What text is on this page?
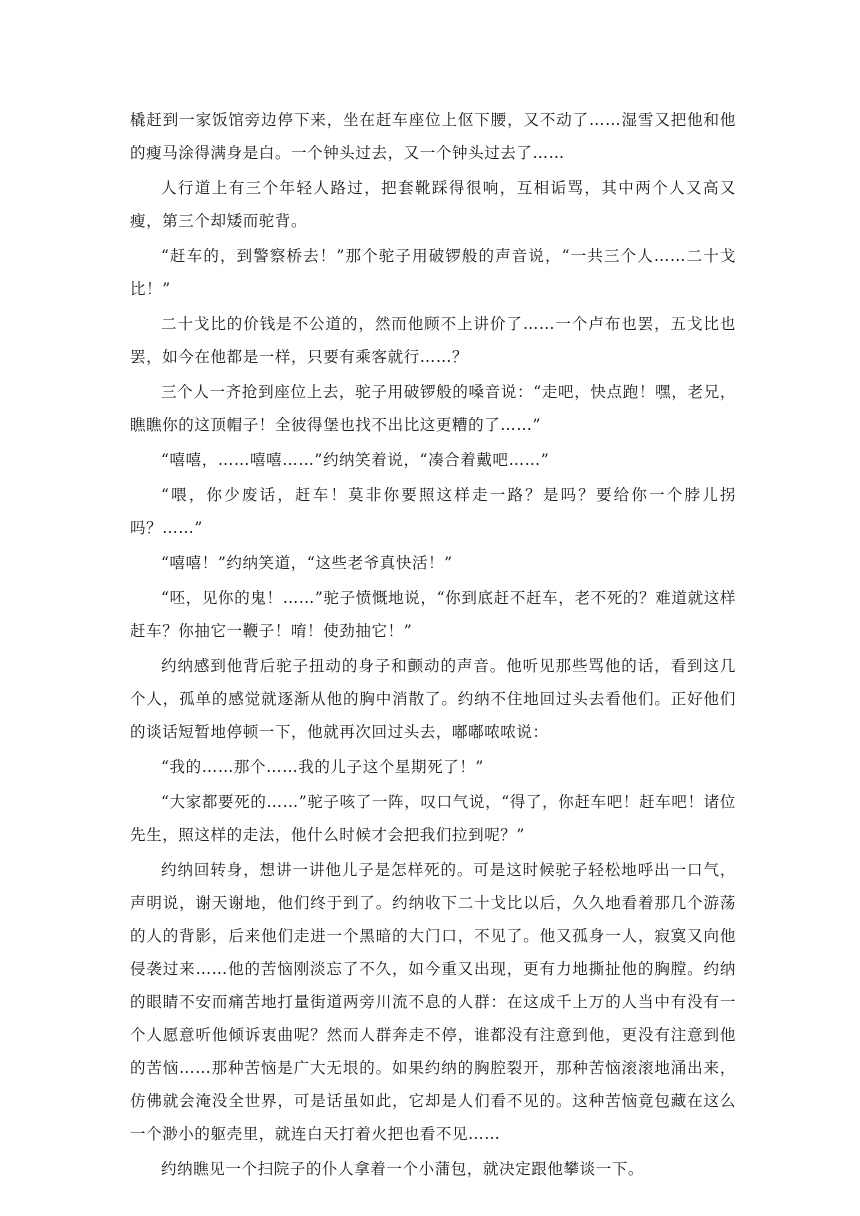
橇赶到一家饭馆旁边停下来，坐在赶车座位上伛下腰，又不动了……湿雪又把他和他的瘦马涂得满身是白。一个钟头过去，又一个钟头过去了……

人行道上有三个年轻人路过，把套靴踩得很响，互相诟骂，其中两个人又高又瘦，第三个却矮而驼背。

“赶车的，到警察桥去！”那个驼子用破锣般的声音说，“一共三个人……二十戈比！”

二十戈比的价钱是不公道的，然而他顾不上讲价了……一个卢布也罢，五戈比也罢，如今在他都是一样，只要有乘客就行……？

三个人一齐抢到座位上去，驼子用破锣般的嗓音说：“走吧，快点跑！嘿，老兄，瞧瞧你的这顶帽子！全彼得堡也找不出比这更糟的了……”

“嘻嘻，……嘻嘻……”约纳笑着说，“凑合着戴吧……”

“喂，你少废话，赶车！莫非你要照这样走一路？是吗？要给你一个脖儿拐吗？……”

“嘻嘻！”约纳笑道，“这些老爷真快活！”

“呸，见你的鬼！……”驼子愤慨地说，“你到底赶不赶车，老不死的？难道就这样赶车？你抽它一鞭子！唷！使劲抽它！”

约纳感到他背后驼子扭动的身子和颤动的声音。他听见那些骂他的话，看到这几个人，孤单的感觉就逐渐从他的胸中消散了。约纳不住地回过头去看他们。正好他们的谈话短暂地停顿一下，他就再次回过头去，嘟嘟哝哝说：

“我的……那个……我的儿子这个星期死了！”

“大家都要死的……”驼子咳了一阵，叹口气说，“得了，你赶车吧！赶车吧！诸位先生，照这样的走法，他什么时候才会把我们拉到呢？”

约纳回转身，想讲一讲他儿子是怎样死的。可是这时候驼子轻松地呼出一口气，声明说，谢天谢地，他们终于到了。约纳收下二十戈比以后，久久地看着那几个游荡的人的背影，后来他们走进一个黑暗的大门口，不见了。他又孤身一人，寂寞又向他侵袭过来……他的苦恼刚淡忘了不久，如今重又出现，更有力地撕扯他的胸膛。约纳的眼睛不安而痛苦地打量街道两旁川流不息的人群：在这成千上万的人当中有没有一个人愿意听他倾诉衷曲呢？然而人群奔走不停，谁都没有注意到他，更没有注意到他的苦恼……那种苦恼是广大无垠的。如果约纳的胸腔裂开，那种苦恼滚滚地涌出来，仿佛就会淹没全世界，可是话虽如此，它却是人们看不见的。这种苦恼竟包藏在这么一个渺小的躯壳里，就连白天打着火把也看不见……

约纳瞧见一个扫院子的仆人拿着一个小蒲包，就决定跟他攀谈一下。
